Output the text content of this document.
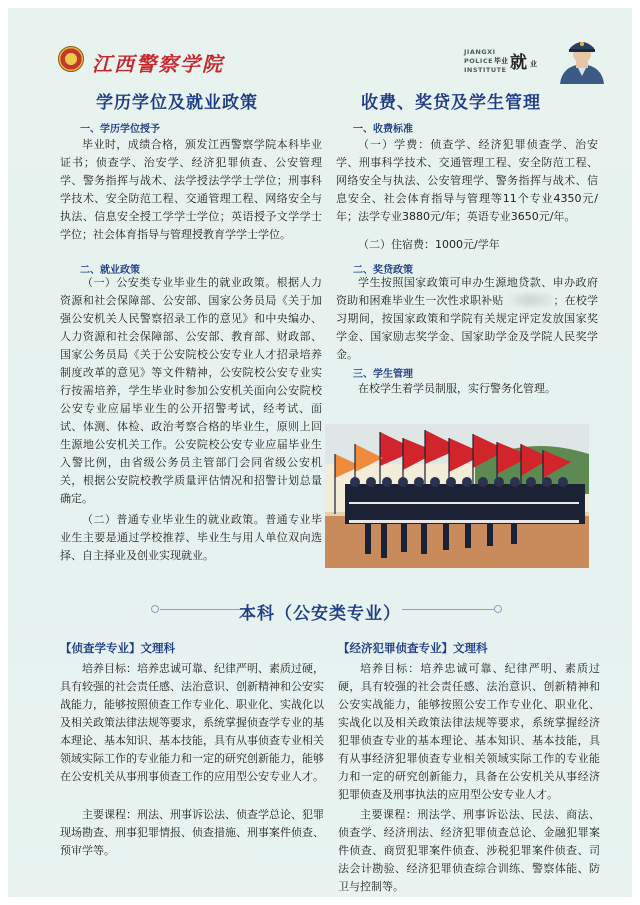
江西警察学院	JIANGXI
POLICE
INSTITUTE
毕业 就 业
学历学位及就业政策
一、学历学位授予
毕业时，成绩合格，颁发江西警察学院本科毕业证书；侦查学、治安学、经济犯罪侦查、公安管理学、警务指挥与战术、法学授法学学士学位；刑事科学技术、安全防范工程、交通管理工程、网络安全与执法、信息安全授工学学士学位；英语授予文学学士学位；社会体育指导与管理授教育学学士学位。
二、就业政策
（一）公安类专业毕业生的就业政策。根据人力资源和社会保障部、公安部、国家公务员局《关于加强公安机关人民警察招录工作的意见》和中央编办、人力资源和社会保障部、公安部、教育部、财政部、国家公务员局《关于公安院校公安专业人才招录培养制度改革的意见》等文件精神，公安院校公安专业实行按需培养，学生毕业时参加公安机关面向公安院校公安专业应届毕业生的公开招警考试，经考试、面试、体测、体检、政治考察合格的毕业生，原则上回生源地公安机关工作。公安院校公安专业应届毕业生入警比例，由省级公务员主管部门会同省级公安机关，根据公安院校教学质量评估情况和招警计划总量确定。
（二）普通专业毕业生的就业政策。普通专业毕业生主要是通过学校推荐、毕业生与用人单位双向选择、自主择业及创业实现就业。
收费、奖贷及学生管理
一、收费标准
（一）学费：侦查学、经济犯罪侦查学、治安学、刑事科学技术、交通管理工程、安全防范工程、网络安全与执法、公安管理学、警务指挥与战术、信息安全、社会体育指导与管理等11个专业4350元/年；法学专业3880元/年；英语专业3650元/年。
（二）住宿费：1000元/学年
二、奖贷政策
学生按照国家政策可申办生源地贷款、申办政府资助和困难毕业生一次性求职补贴	；在校学习期间，按国家政策和学院有关规定评定发放国家奖学金、国家励志奖学金、国家助学金及学院人民奖学金。
三、学生管理
在校学生着学员制服，实行警务化管理。
本科（公安类专业）
【侦查学专业】文理科
培养目标：培养忠诚可靠、纪律严明、素质过硬，具有较强的社会责任感、法治意识、创新精神和公安实战能力，能够按照侦查工作专业化、职业化、实战化以及相关政策法律法规等要求，系统掌握侦查学专业的基本理论、基本知识、基本技能，具有从事侦查专业相关领域实际工作的专业能力和一定的研究创新能力，能够在公安机关从事刑事侦查工作的应用型公安专业人才。
主要课程：刑法、刑事诉讼法、侦查学总论、犯罪现场勘查、刑事犯罪情报、侦查措施、刑事案件侦查、预审学等。
【经济犯罪侦查专业】文理科
培养目标：培养忠诚可靠、纪律严明、素质过硬，具有较强的社会责任感、法治意识、创新精神和公安实战能力，能够按照公安工作专业化、职业化、实战化以及相关政策法律法规等要求，系统掌握经济犯罪侦查专业的基本理论、基本知识、基本技能，具有从事经济犯罪侦查专业相关领域实际工作的专业能力和一定的研究创新能力，具备在公安机关从事经济犯罪侦查及刑事执法的应用型公安专业人才。
主要课程：刑法学、刑事诉讼法、民法、商法、侦查学、经济刑法、经济犯罪侦查总论、金融犯罪案件侦查、商贸犯罪案件侦查、涉税犯罪案件侦查、司法会计勘验、经济犯罪侦查综合训练、警察体能、防卫与控制等。
